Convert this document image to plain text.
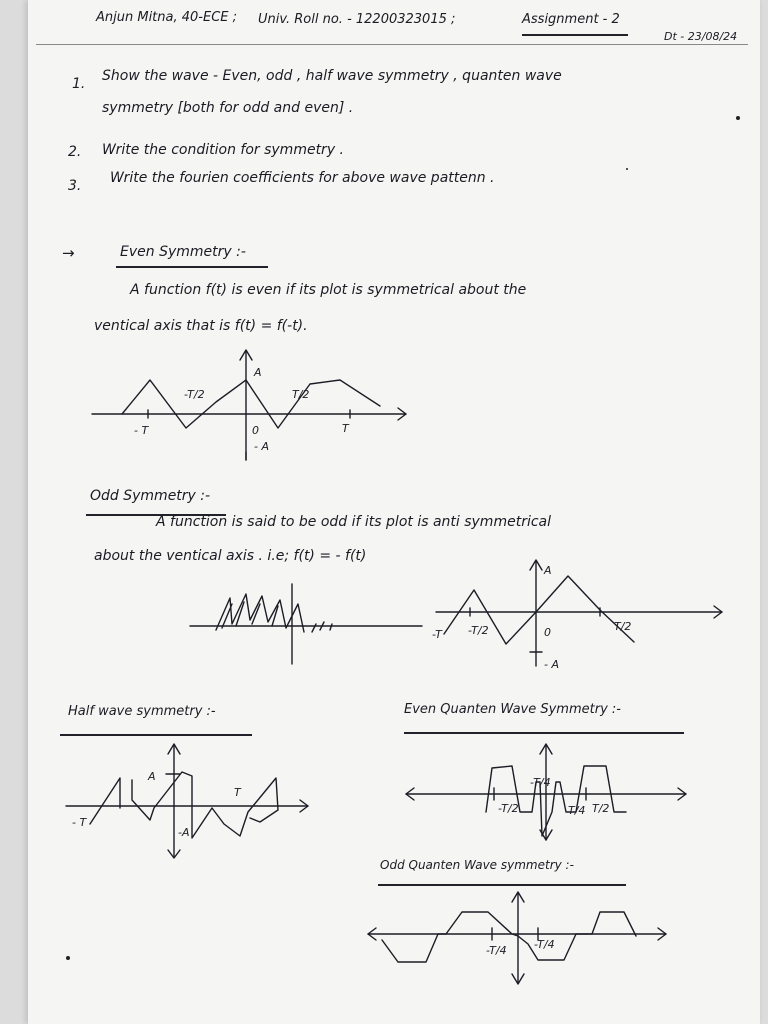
Anjun Mitna, 40-ECE ; Univ. Roll no. - 12200323015 ;	Assignment - 2
Dt - 23/08/24
1. Show the wave - Even, odd , half wave symmetry , quanten wave
symmetry [both for odd and even] .
2. Write the condition for symmetry .
3. Write the fourien coefficients for above wave pattenn .
→	Even Symmetry :-
A function f(t) is even if its plot is symmetrical about the
ventical axis that is f(t) = f(-t).
A
-T/2	T/2
- T	0	T
- A
Odd Symmetry :-
A function is said to be odd if its plot is anti symmetrical
about the ventical axis . i.e; f(t) = - f(t)
A
-T -T/2	0	T/2
- A
Half wave symmetry :-
A
T
- T
-A
Even Quanten Wave Symmetry :-
-T/2
-T/4
T/4 T/2
Odd Quanten Wave symmetry :-
-T/4 -T/4
